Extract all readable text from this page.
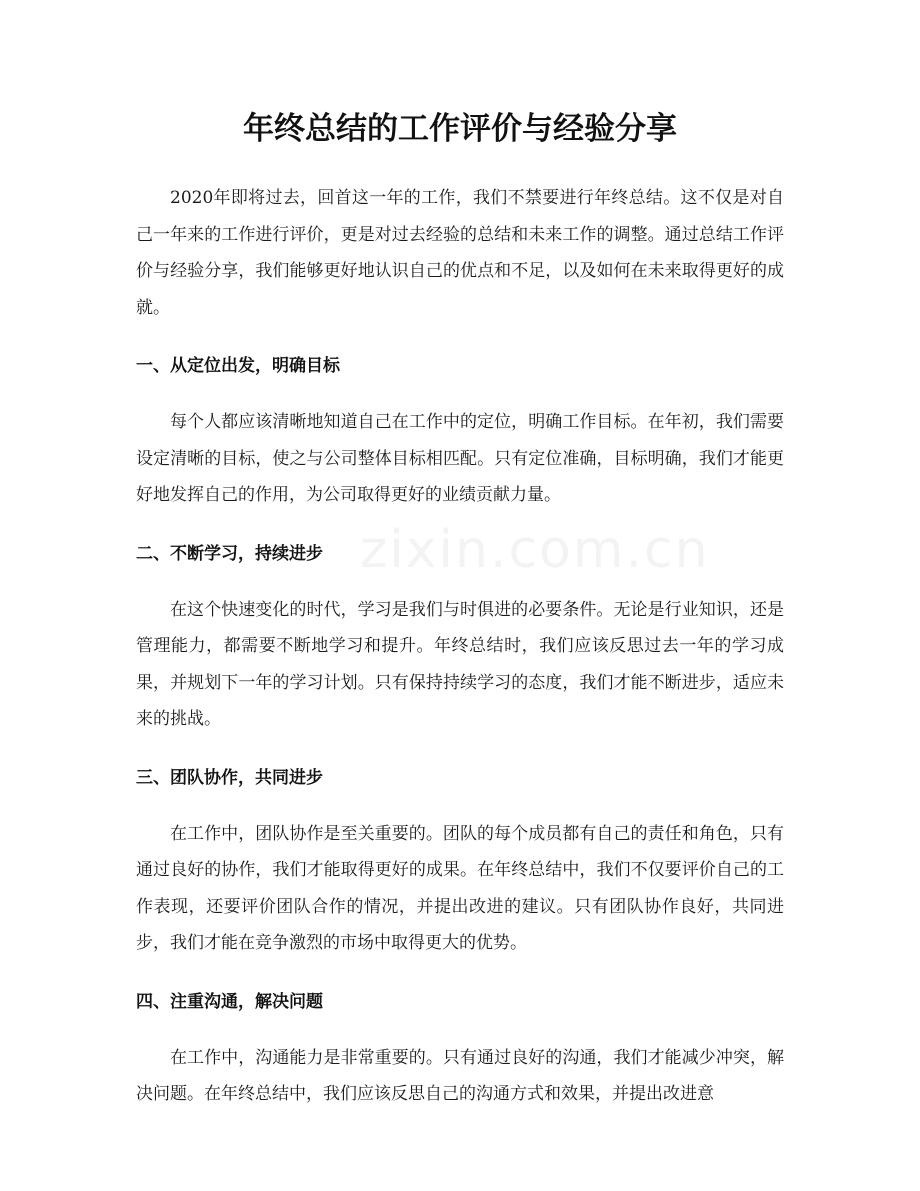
zixin.com.cn
年终总结的工作评价与经验分享

2020年即将过去，回首这一年的工作，我们不禁要进行年终总结。这不仅是对自己一年来的工作进行评价，更是对过去经验的总结和未来工作的调整。通过总结工作评价与经验分享，我们能够更好地认识自己的优点和不足，以及如何在未来取得更好的成就。

一、从定位出发，明确目标

每个人都应该清晰地知道自己在工作中的定位，明确工作目标。在年初，我们需要设定清晰的目标，使之与公司整体目标相匹配。只有定位准确，目标明确，我们才能更好地发挥自己的作用，为公司取得更好的业绩贡献力量。

二、不断学习，持续进步

在这个快速变化的时代，学习是我们与时俱进的必要条件。无论是行业知识，还是管理能力，都需要不断地学习和提升。年终总结时，我们应该反思过去一年的学习成果，并规划下一年的学习计划。只有保持持续学习的态度，我们才能不断进步，适应未来的挑战。

三、团队协作，共同进步

在工作中，团队协作是至关重要的。团队的每个成员都有自己的责任和角色，只有通过良好的协作，我们才能取得更好的成果。在年终总结中，我们不仅要评价自己的工作表现，还要评价团队合作的情况，并提出改进的建议。只有团队协作良好，共同进步，我们才能在竞争激烈的市场中取得更大的优势。

四、注重沟通，解决问题

在工作中，沟通能力是非常重要的。只有通过良好的沟通，我们才能减少冲突，解决问题。在年终总结中，我们应该反思自己的沟通方式和效果，并提出改进意
